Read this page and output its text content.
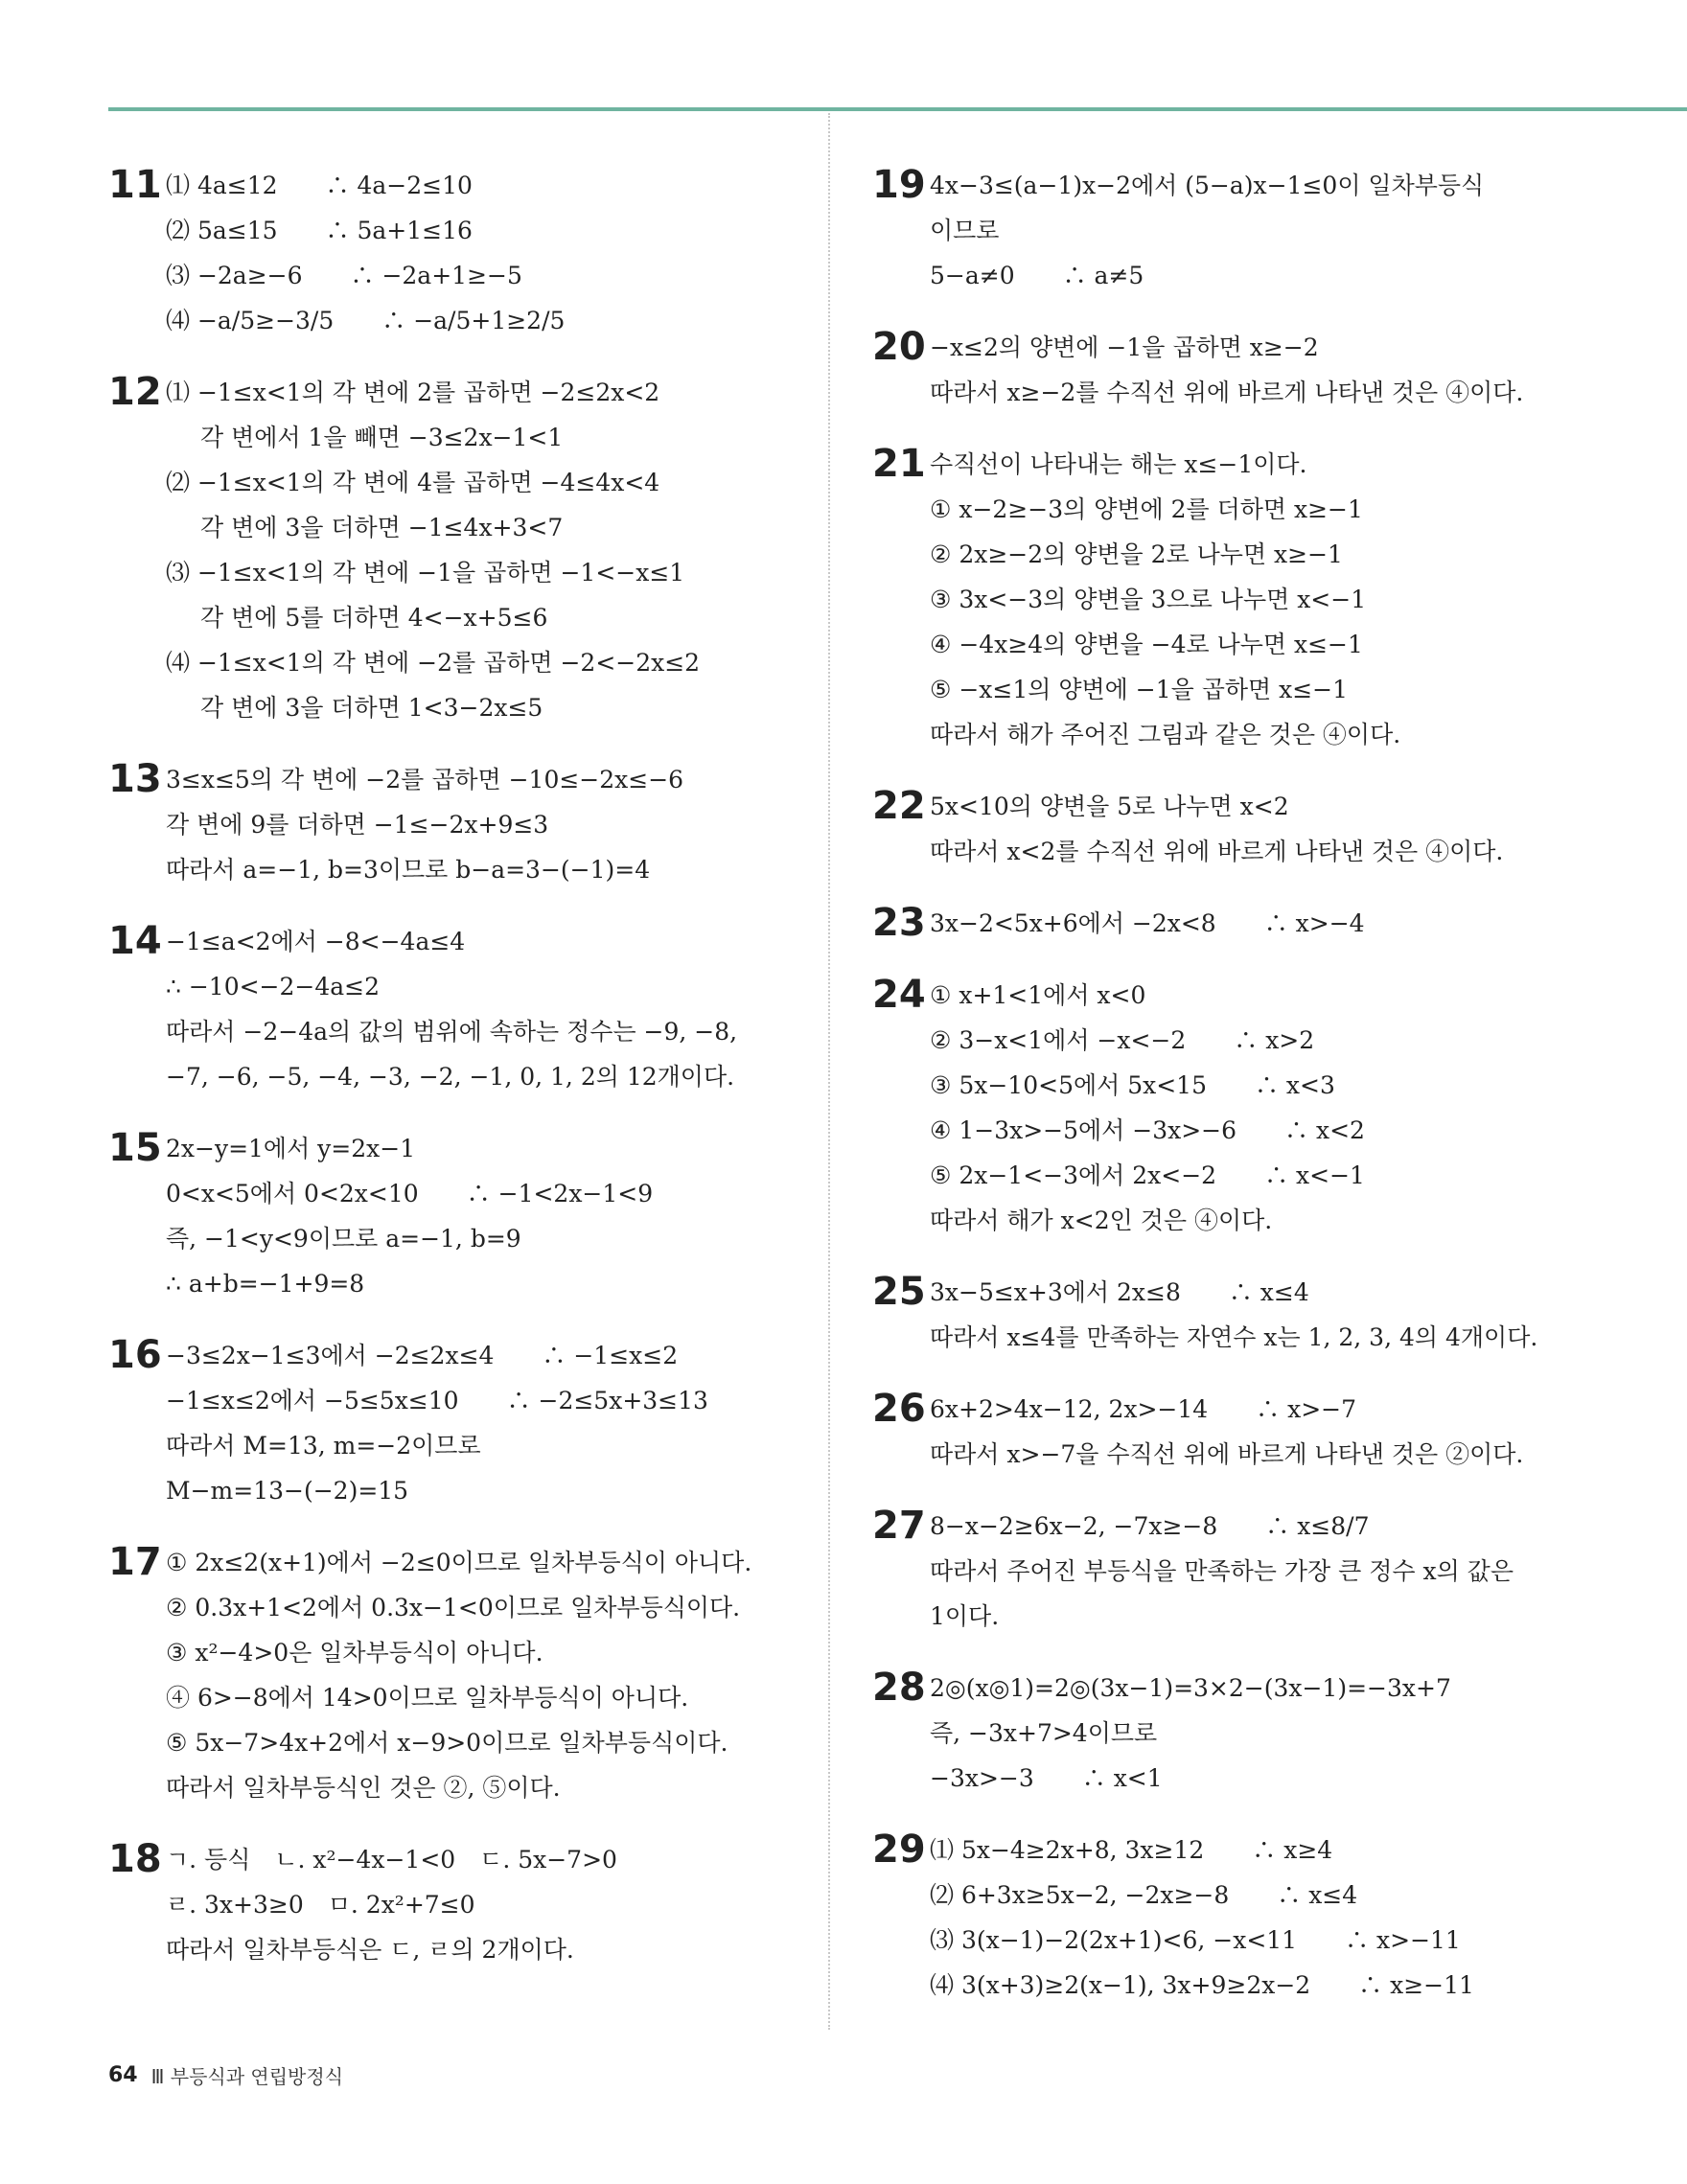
11 ⑴ 4a≤12　　∴ 4a−2≤10
⑵ 5a≤15　　∴ 5a+1≤16
⑶ −2a≥−6　　∴ −2a+1≥−5
⑷ −a/5≥−3/5　　∴ −a/5+1≥2/5
12 ⑴ −1≤x<1의 각 변에 2를 곱하면 −2≤2x<2
각 변에서 1을 빼면 −3≤2x−1<1
⑵ −1≤x<1의 각 변에 4를 곱하면 −4≤4x<4
각 변에 3을 더하면 −1≤4x+3<7
⑶ −1≤x<1의 각 변에 −1을 곱하면 −1<−x≤1
각 변에 5를 더하면 4<−x+5≤6
⑷ −1≤x<1의 각 변에 −2를 곱하면 −2<−2x≤2
각 변에 3을 더하면 1<3−2x≤5
13 3≤x≤5의 각 변에 −2를 곱하면 −10≤−2x≤−6
각 변에 9를 더하면 −1≤−2x+9≤3
따라서 a=−1, b=3이므로 b−a=3−(−1)=4
14 −1≤a<2에서 −8<−4a≤4
∴ −10<−2−4a≤2
따라서 −2−4a의 값의 범위에 속하는 정수는 −9, −8,
−7, −6, −5, −4, −3, −2, −1, 0, 1, 2의 12개이다.
15 2x−y=1에서 y=2x−1
0<x<5에서 0<2x<10　　∴ −1<2x−1<9
즉, −1<y<9이므로 a=−1, b=9
∴ a+b=−1+9=8
16 −3≤2x−1≤3에서 −2≤2x≤4　　∴ −1≤x≤2
−1≤x≤2에서 −5≤5x≤10　　∴ −2≤5x+3≤13
따라서 M=13, m=−2이므로
M−m=13−(−2)=15
17 ① 2x≤2(x+1)에서 −2≤0이므로 일차부등식이 아니다.
② 0.3x+1<2에서 0.3x−1<0이므로 일차부등식이다.
③ x²−4>0은 일차부등식이 아니다.
④ 6>−8에서 14>0이므로 일차부등식이 아니다.
⑤ 5x−7>4x+2에서 x−9>0이므로 일차부등식이다.
따라서 일차부등식인 것은 ②, ⑤이다.
18 ㄱ. 등식　ㄴ. x²−4x−1<0　ㄷ. 5x−7>0
ㄹ. 3x+3≥0　ㅁ. 2x²+7≤0
따라서 일차부등식은 ㄷ, ㄹ의 2개이다.
19 4x−3≤(a−1)x−2에서 (5−a)x−1≤0이 일차부등식
이므로
5−a≠0　　∴ a≠5
20 −x≤2의 양변에 −1을 곱하면 x≥−2
따라서 x≥−2를 수직선 위에 바르게 나타낸 것은 ④이다.
21 수직선이 나타내는 해는 x≤−1이다.
① x−2≥−3의 양변에 2를 더하면 x≥−1
② 2x≥−2의 양변을 2로 나누면 x≥−1
③ 3x<−3의 양변을 3으로 나누면 x<−1
④ −4x≥4의 양변을 −4로 나누면 x≤−1
⑤ −x≤1의 양변에 −1을 곱하면 x≤−1
따라서 해가 주어진 그림과 같은 것은 ④이다.
22 5x<10의 양변을 5로 나누면 x<2
따라서 x<2를 수직선 위에 바르게 나타낸 것은 ④이다.
23 3x−2<5x+6에서 −2x<8　　∴ x>−4
24 ① x+1<1에서 x<0
② 3−x<1에서 −x<−2　　∴ x>2
③ 5x−10<5에서 5x<15　　∴ x<3
④ 1−3x>−5에서 −3x>−6　　∴ x<2
⑤ 2x−1<−3에서 2x<−2　　∴ x<−1
따라서 해가 x<2인 것은 ④이다.
25 3x−5≤x+3에서 2x≤8　　∴ x≤4
따라서 x≤4를 만족하는 자연수 x는 1, 2, 3, 4의 4개이다.
26 6x+2>4x−12, 2x>−14　　∴ x>−7
따라서 x>−7을 수직선 위에 바르게 나타낸 것은 ②이다.
27 8−x−2≥6x−2, −7x≥−8　　∴ x≤8/7
따라서 주어진 부등식을 만족하는 가장 큰 정수 x의 값은
1이다.
28 2◎(x◎1)=2◎(3x−1)=3×2−(3x−1)=−3x+7
즉, −3x+7>4이므로
−3x>−3　　∴ x<1
29 ⑴ 5x−4≥2x+8, 3x≥12　　∴ x≥4
⑵ 6+3x≥5x−2, −2x≥−8　　∴ x≤4
⑶ 3(x−1)−2(2x+1)<6, −x<11　　∴ x>−11
⑷ 3(x+3)≥2(x−1), 3x+9≥2x−2　　∴ x≥−11
64 Ⅲ 부등식과 연립방정식
